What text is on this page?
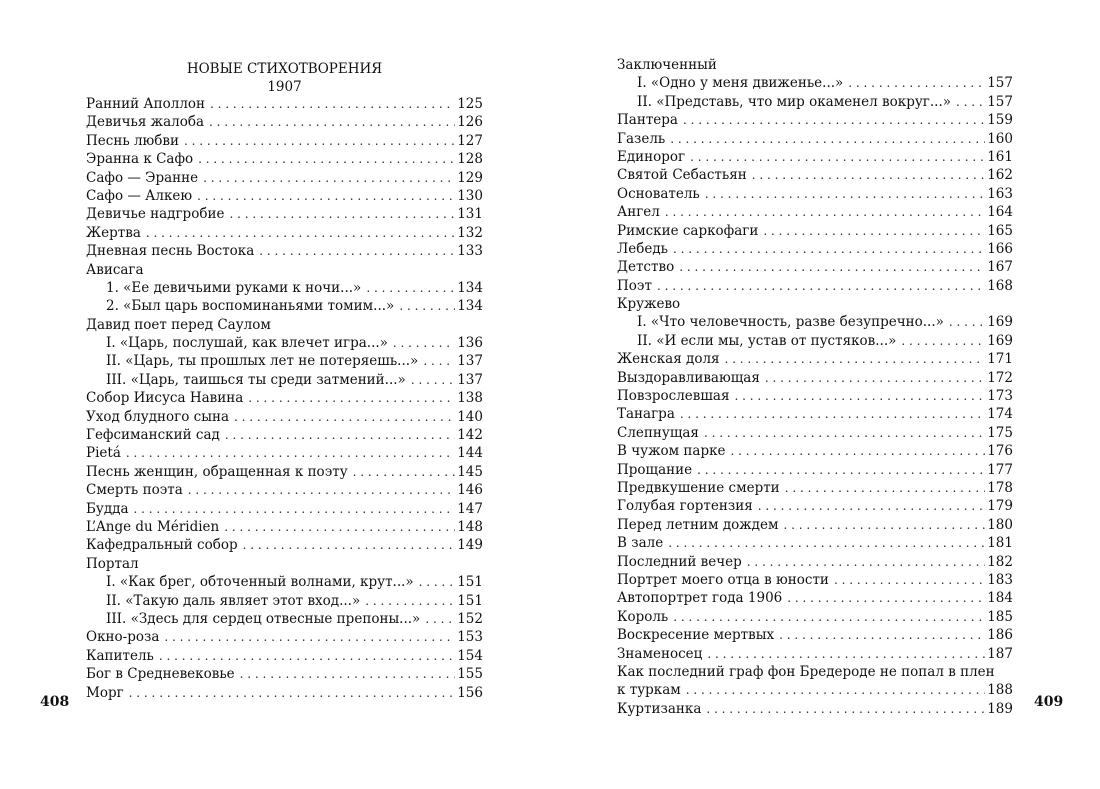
НОВЫЕ СТИХОТВОРЕНИЯ
1907
Ранний Аполлон . . .	125
Девичья жалоба . . .	126
Песнь любви . . .	127
Эранна к Сафо . . .	128
Сафо — Эранне . . .	129
Сафо — Алкею . . .	130
Девичье надгробие . . .	131
Жертва . . .	132
Дневная песнь Востока . . .	133
Ависага
1. «Ее девичьими руками к ночи...» . . .	134
2. «Был царь воспоминаньями томим...» . . .	134
Давид поет перед Саулом
I. «Царь, послушай, как влечет игра...» . . .	136
II. «Царь, ты прошлых лет не потеряешь...» . . .	137
III. «Царь, таишься ты среди затмений...» . . .	137
Собор Иисуса Навина . . .	138
Уход блудного сына . . .	140
Гефсиманский сад . . .	142
Pietá . . .	144
Песнь женщин, обращенная к поэту . . .	145
Смерть поэта . . .	146
Будда . . .	147
L’Ange du Méridien . . .	148
Кафедральный собор . . .	149
Портал
I. «Как брег, обточенный волнами, крут...» . . .	151
II. «Такую даль являет этот вход...» . . .	151
III. «Здесь для сердец отвесные препоны...» . . .	152
Окно-роза . . .	153
Капитель . . .	154
Бог в Средневековье . . .	155
Морг . . .	156
408
Заключенный
I. «Одно у меня движенье...» . . .	157
II. «Представь, что мир окаменел вокруг...» . . .	157
Пантера . . .	159
Газель . . .	160
Единорог . . .	161
Святой Себастьян . . .	162
Основатель . . .	163
Ангел . . .	164
Римские саркофаги . . .	165
Лебедь . . .	166
Детство . . .	167
Поэт . . .	168
Кружево
I. «Что человечность, разве безупречно...» . . .	169
II. «И если мы, устав от пустяков...» . . .	169
Женская доля . . .	171
Выздоравливающая . . .	172
Повзрослевшая . . .	173
Танагра . . .	174
Слепнущая . . .	175
В чужом парке . . .	176
Прощание . . .	177
Предвкушение смерти . . .	178
Голубая гортензия . . .	179
Перед летним дождем . . .	180
В зале . . .	181
Последний вечер . . .	182
Портрет моего отца в юности . . .	183
Автопортрет года 1906 . . .	184
Король . . .	185
Воскресение мертвых . . .	186
Знаменосец . . .	187
Как последний граф фон Бредероде не попал в плен
к туркам . . .	188
Куртизанка . . .	189 409
